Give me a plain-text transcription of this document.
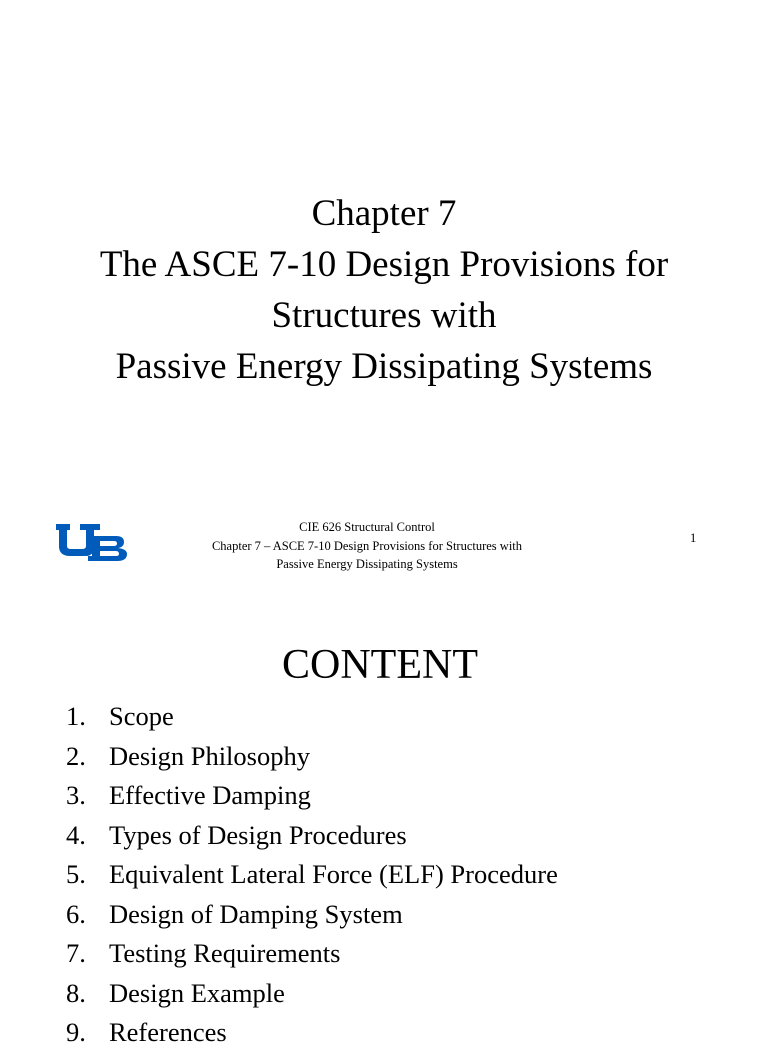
Chapter 7
The ASCE 7-10 Design Provisions for
Structures with
Passive Energy Dissipating Systems
CIE 626 Structural Control
Chapter 7 – ASCE 7-10 Design Provisions for Structures with
Passive Energy Dissipating Systems
1
CONTENT
1. Scope
2. Design Philosophy
3. Effective Damping
4. Types of Design Procedures
5. Equivalent Lateral Force (ELF) Procedure
6. Design of Damping System
7. Testing Requirements
8. Design Example
9. References
